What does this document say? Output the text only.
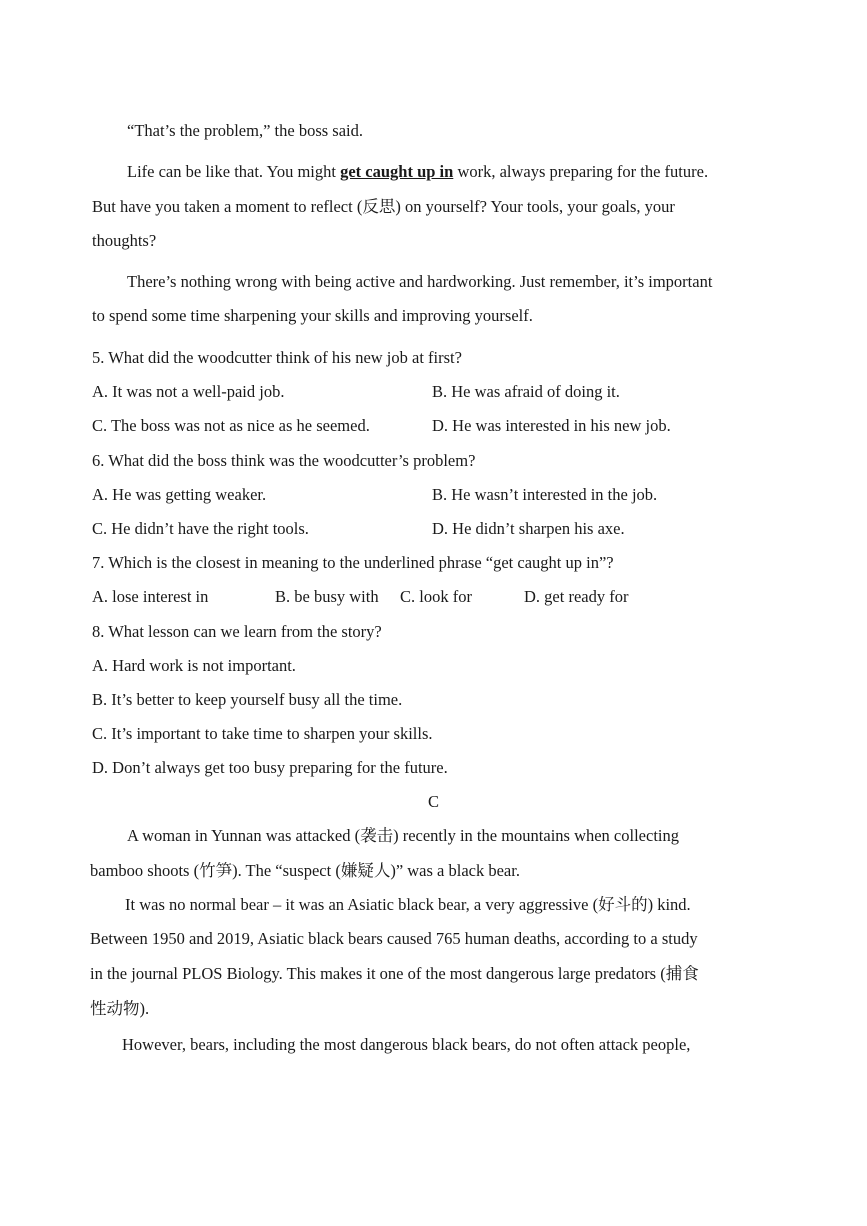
“That’s the problem,” the boss said.
Life can be like that. You might get caught up in work, always preparing for the future.
But have you taken a moment to reflect (反思) on yourself? Your tools, your goals, your
thoughts?
There’s nothing wrong with being active and hardworking. Just remember, it’s important
to spend some time sharpening your skills and improving yourself.
5. What did the woodcutter think of his new job at first?
A. It was not a well-paid job.	B. He was afraid of doing it.
C. The boss was not as nice as he seemed.	D. He was interested in his new job.
6. What did the boss think was the woodcutter’s problem?
A. He was getting weaker.	B. He wasn’t interested in the job.
C. He didn’t have the right tools.	D. He didn’t sharpen his axe.
7. Which is the closest in meaning to the underlined phrase “get caught up in”?
A. lose interest in	B. be busy with C. look for	D. get ready for
8. What lesson can we learn from the story?
A. Hard work is not important.
B. It’s better to keep yourself busy all the time.
C. It’s important to take time to sharpen your skills.
D. Don’t always get too busy preparing for the future.
C
A woman in Yunnan was attacked (袭击) recently in the mountains when collecting
bamboo shoots (竹笋). The “suspect (嫌疑人)” was a black bear.
It was no normal bear – it was an Asiatic black bear, a very aggressive (好斗的) kind.
Between 1950 and 2019, Asiatic black bears caused 765 human deaths, according to a study
in the journal PLOS Biology. This makes it one of the most dangerous large predators (捕食
性动物).
However, bears, including the most dangerous black bears, do not often attack people,
